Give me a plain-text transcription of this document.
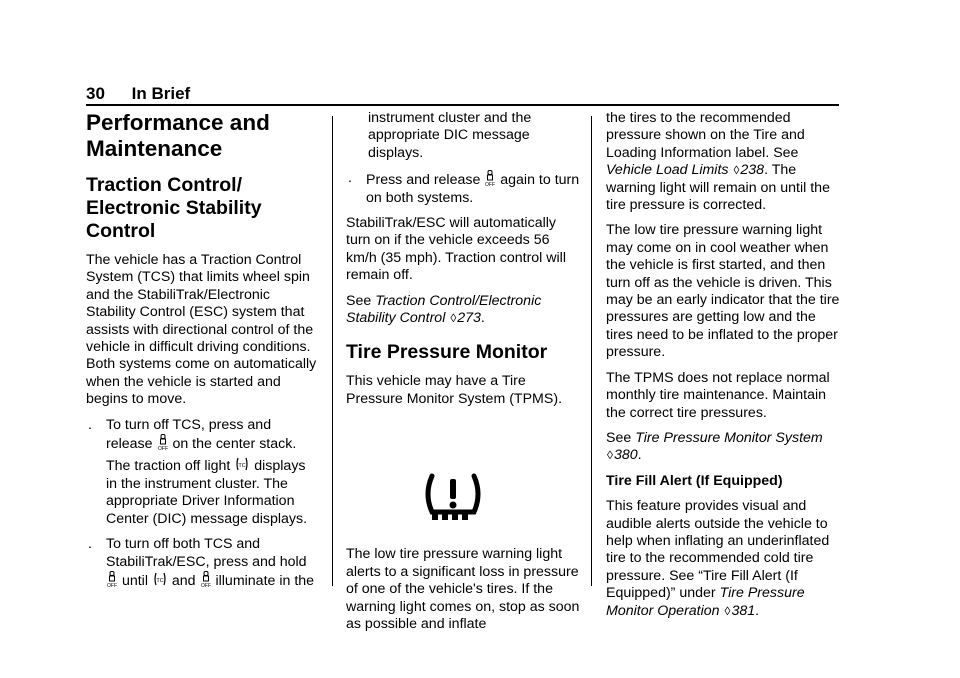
30 In Brief
Performance and Maintenance
Traction Control/ Electronic Stability Control

The vehicle has a Traction Control System (TCS) that limits wheel spin and the StabiliTrak/Electronic Stability Control (ESC) system that assists with directional control of the vehicle in difficult driving conditions. Both systems come on automatically when the vehicle is started and begins to move.

. To turn off TCS, press and
release OFF on the center stack.

The traction off light TC displays
in the instrument cluster. The appropriate Driver Information Center (DIC) message displays.

. To turn off both TCS and StabiliTrak/ESC, press and hold

OFF until TC and OFF illuminate in the

instrument cluster and the appropriate DIC message displays.

. Press and release OFF again to turn on both systems.

StabiliTrak/ESC will automatically turn on if the vehicle exceeds 56 km/h (35 mph). Traction control will remain off.

See Traction Control/Electronic Stability Control ◊273.

Tire Pressure Monitor

This vehicle may have a Tire Pressure Monitor System (TPMS).

The low tire pressure warning light alerts to a significant loss in pressure of one of the vehicle's tires. If the warning light comes on, stop as soon as possible and inflate

the tires to the recommended pressure shown on the Tire and Loading Information label. See Vehicle Load Limits ◊238. The warning light will remain on until the tire pressure is corrected.

The low tire pressure warning light may come on in cool weather when the vehicle is first started, and then turn off as the vehicle is driven. This may be an early indicator that the tire pressures are getting low and the tires need to be inflated to the proper pressure.

The TPMS does not replace normal monthly tire maintenance. Maintain the correct tire pressures.

See Tire Pressure Monitor System
◊380.

Tire Fill Alert (If Equipped)

This feature provides visual and audible alerts outside the vehicle to help when inflating an underinflated tire to the recommended cold tire pressure. See “Tire Fill Alert (If Equipped)” under Tire Pressure Monitor Operation ◊381.
